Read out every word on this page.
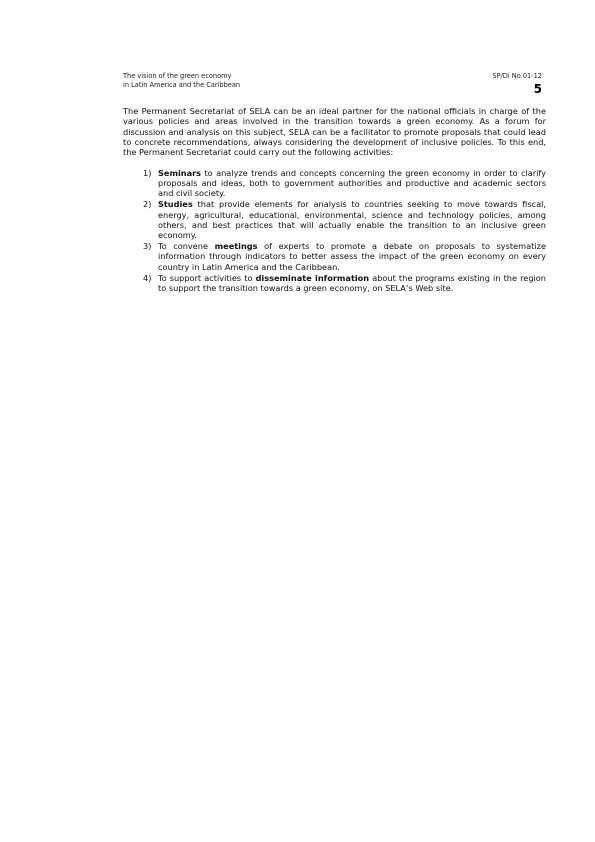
The vision of the green economy
in Latin America and the Caribbean
SP/Di No 01-12
5

The Permanent Secretariat of SELA can be an ideal partner for the national officials in charge of the various policies and areas involved in the transition towards a green economy. As a forum for discussion and analysis on this subject, SELA can be a facilitator to promote proposals that could lead to concrete recommendations, always considering the development of inclusive policies. To this end, the Permanent Secretariat could carry out the following activities:

1) Seminars to analyze trends and concepts concerning the green economy in order to clarify proposals and ideas, both to government authorities and productive and academic sectors and civil society.
2) Studies that provide elements for analysis to countries seeking to move towards fiscal, energy, agricultural, educational, environmental, science and technology policies, among others, and best practices that will actually enable the transition to an inclusive green economy.
3) To convene meetings of experts to promote a debate on proposals to systematize information through indicators to better assess the impact of the green economy on every country in Latin America and the Caribbean.
4) To support activities to disseminate information about the programs existing in the region to support the transition towards a green economy, on SELA’s Web site.
